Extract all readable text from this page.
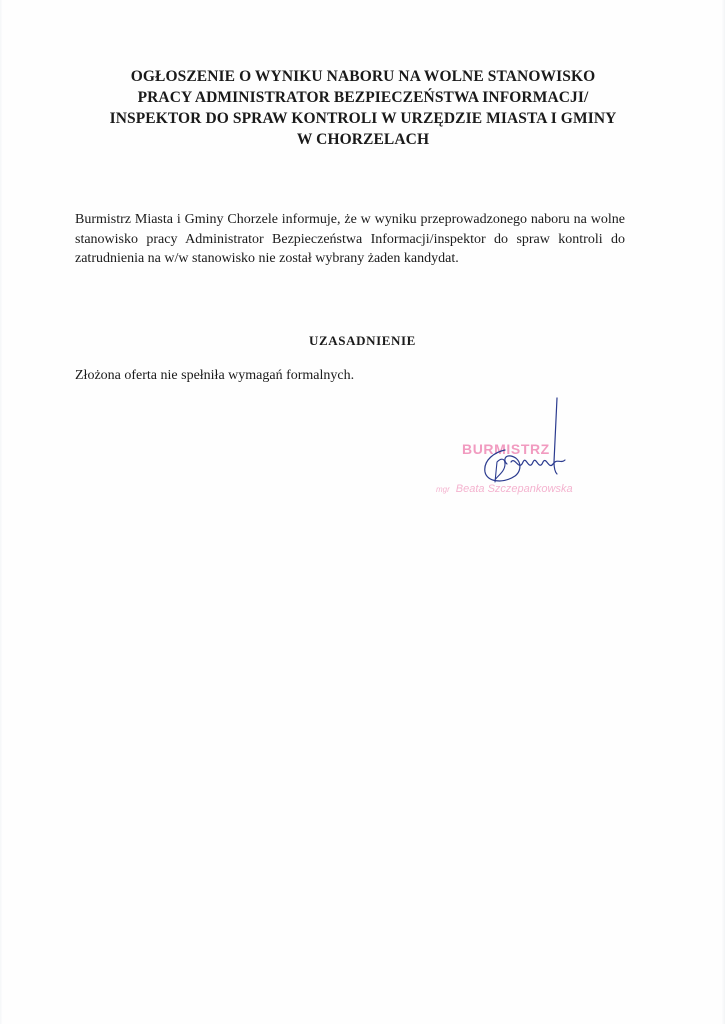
OGŁOSZENIE O WYNIKU NABORU NA WOLNE STANOWISKO
PRACY ADMINISTRATOR BEZPIECZEŃSTWA INFORMACJI/
INSPEKTOR DO SPRAW KONTROLI W URZĘDZIE MIASTA I GMINY
W CHORZELACH

Burmistrz Miasta i Gminy Chorzele informuje, że w wyniku przeprowadzonego naboru na wolne stanowisko pracy Administrator Bezpieczeństwa Informacji/inspektor do spraw kontroli do zatrudnienia na w/w stanowisko nie został wybrany żaden kandydat.

UZASADNIENIE
Złożona oferta nie spełniła wymagań formalnych.
BURMISTRZ
mgr Beata Szczepankowska
